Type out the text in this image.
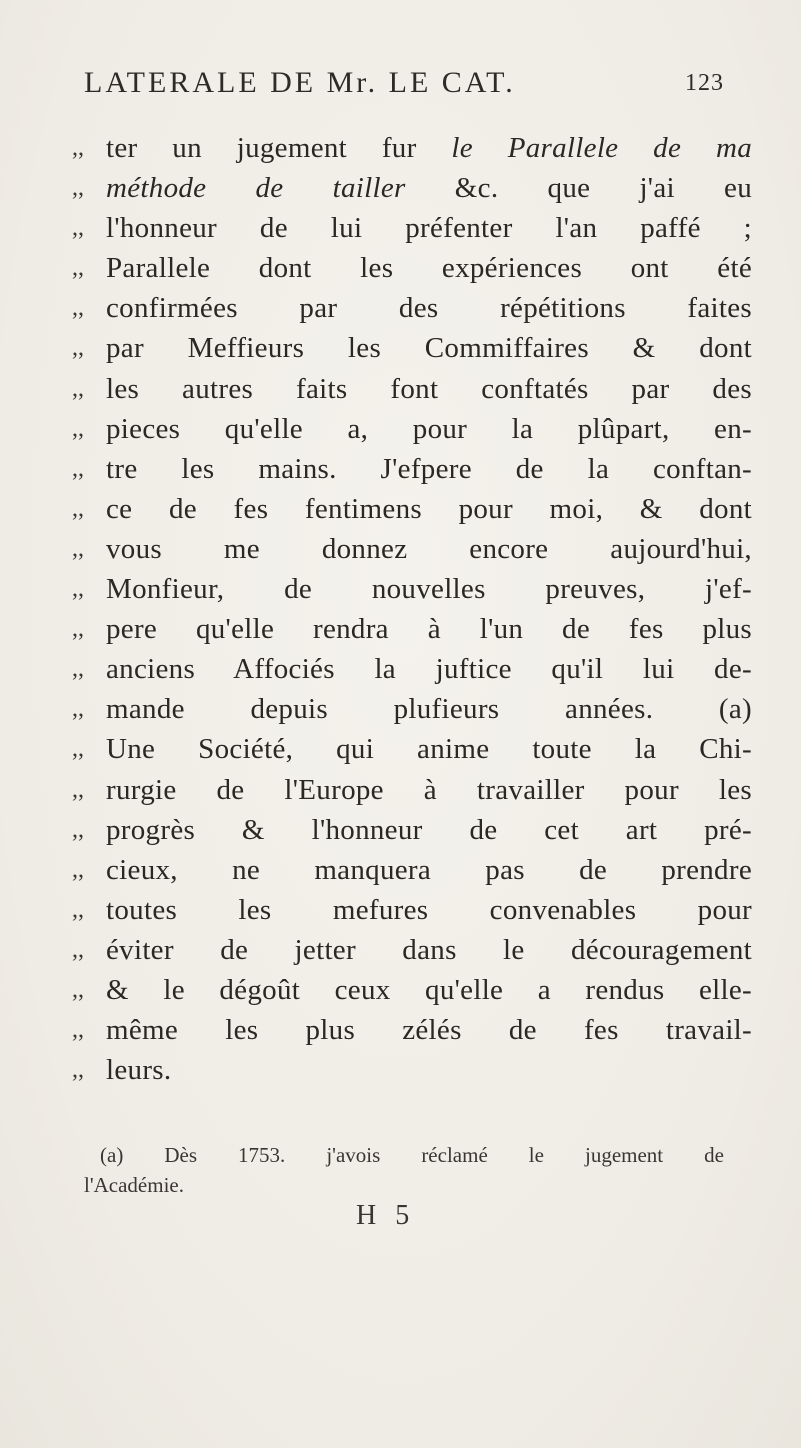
LATERALE DE Mr. LE CAT.	123
,, ter un jugement fur le Parallele de ma
,, méthode de tailler &c. que j'ai eu
,, l'honneur de lui préfenter l'an paffé ;
,, Parallele dont les expériences ont été
,, confirmées par des répétitions faites
,, par Meffieurs les Commiffaires & dont
,, les autres faits font conftatés par des
,, pieces qu'elle a, pour la plûpart, en-
,, tre les mains. J'efpere de la conftan-
,, ce de fes fentimens pour moi, & dont
,, vous me donnez encore aujourd'hui,
,, Monfieur, de nouvelles preuves, j'ef-
,, pere qu'elle rendra à l'un de fes plus
,, anciens Affociés la juftice qu'il lui de-
,, mande depuis plufieurs années. (a)
,, Une Société, qui anime toute la Chi-
,, rurgie de l'Europe à travailler pour les
,, progrès & l'honneur de cet art pré-
,, cieux, ne manquera pas de prendre
,, toutes les mefures convenables pour
,, éviter de jetter dans le découragement
,, & le dégoût ceux qu'elle a rendus elle-
,, même les plus zélés de fes travail-
,, leurs.
(a) Dès 1753. j'avois réclamé le jugement de
l'Académie.
H 5
